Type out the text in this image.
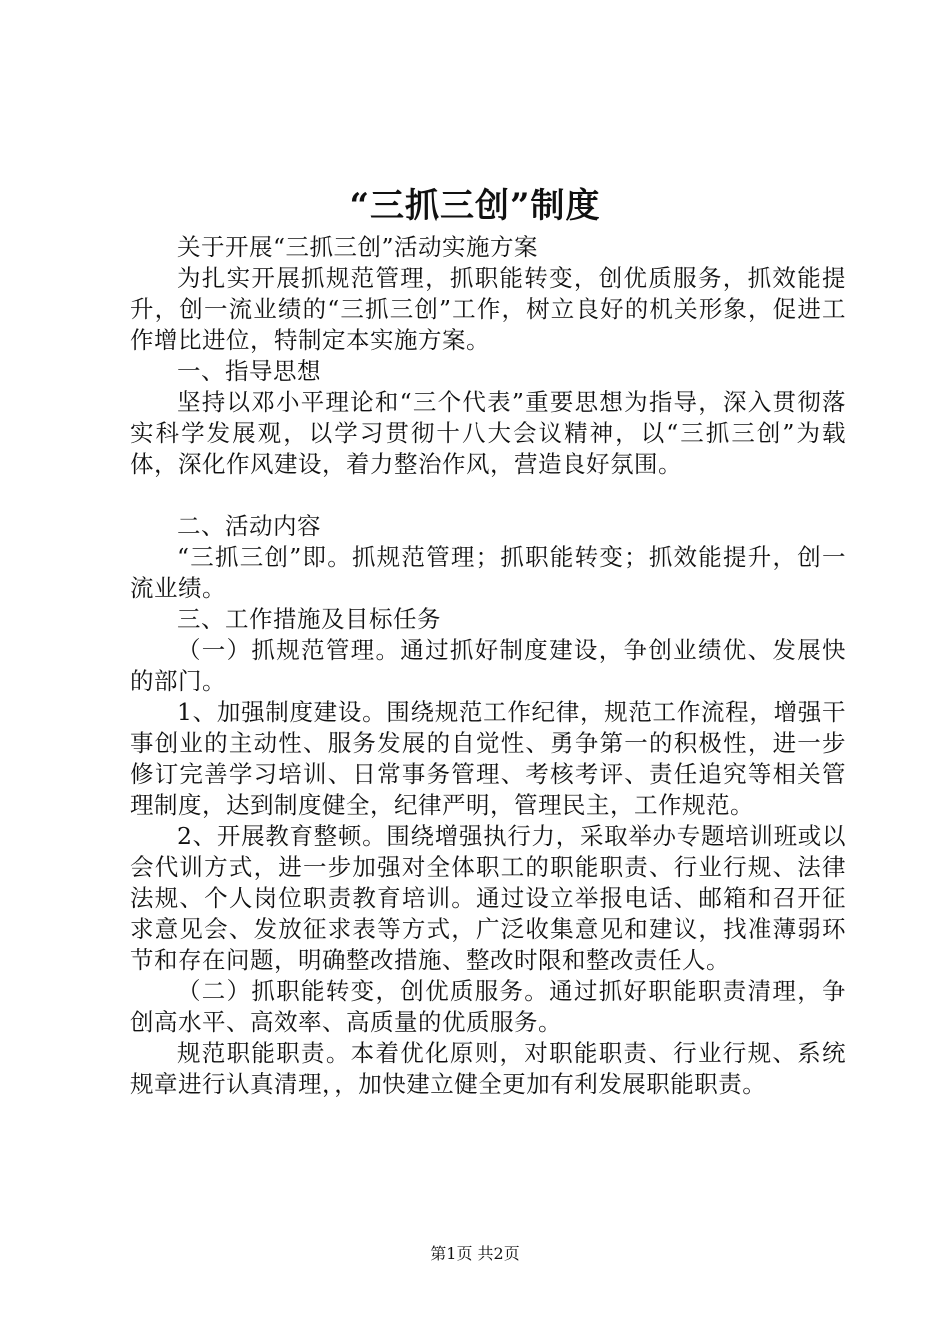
“三抓三创”制度

关于开展“三抓三创”活动实施方案

为扎实开展抓规范管理，抓职能转变，创优质服务，抓效能提升，创一流业绩的“三抓三创”工作，树立良好的机关形象，促进工作增比进位，特制定本实施方案。

一、指导思想

坚持以邓小平理论和“三个代表”重要思想为指导，深入贯彻落实科学发展观，以学习贯彻十八大会议精神，以“三抓三创”为载体，深化作风建设，着力整治作风，营造良好氛围。

二、活动内容

“三抓三创”即。抓规范管理；抓职能转变；抓效能提升，创一流业绩。

三、工作措施及目标任务

（一）抓规范管理。通过抓好制度建设，争创业绩优、发展快的部门。

1、加强制度建设。围绕规范工作纪律，规范工作流程，增强干事创业的主动性、服务发展的自觉性、勇争第一的积极性，进一步修订完善学习培训、日常事务管理、考核考评、责任追究等相关管理制度，达到制度健全，纪律严明，管理民主，工作规范。

2、开展教育整顿。围绕增强执行力，采取举办专题培训班或以会代训方式，进一步加强对全体职工的职能职责、行业行规、法律法规、个人岗位职责教育培训。通过设立举报电话、邮箱和召开征求意见会、发放征求表等方式，广泛收集意见和建议，找准薄弱环节和存在问题，明确整改措施、整改时限和整改责任人。

（二）抓职能转变，创优质服务。通过抓好职能职责清理，争创高水平、高效率、高质量的优质服务。

规范职能职责。本着优化原则，对职能职责、行业行规、系统规章进行认真清理，，加快建立健全更加有利发展职能职责。

第1页 共2页
